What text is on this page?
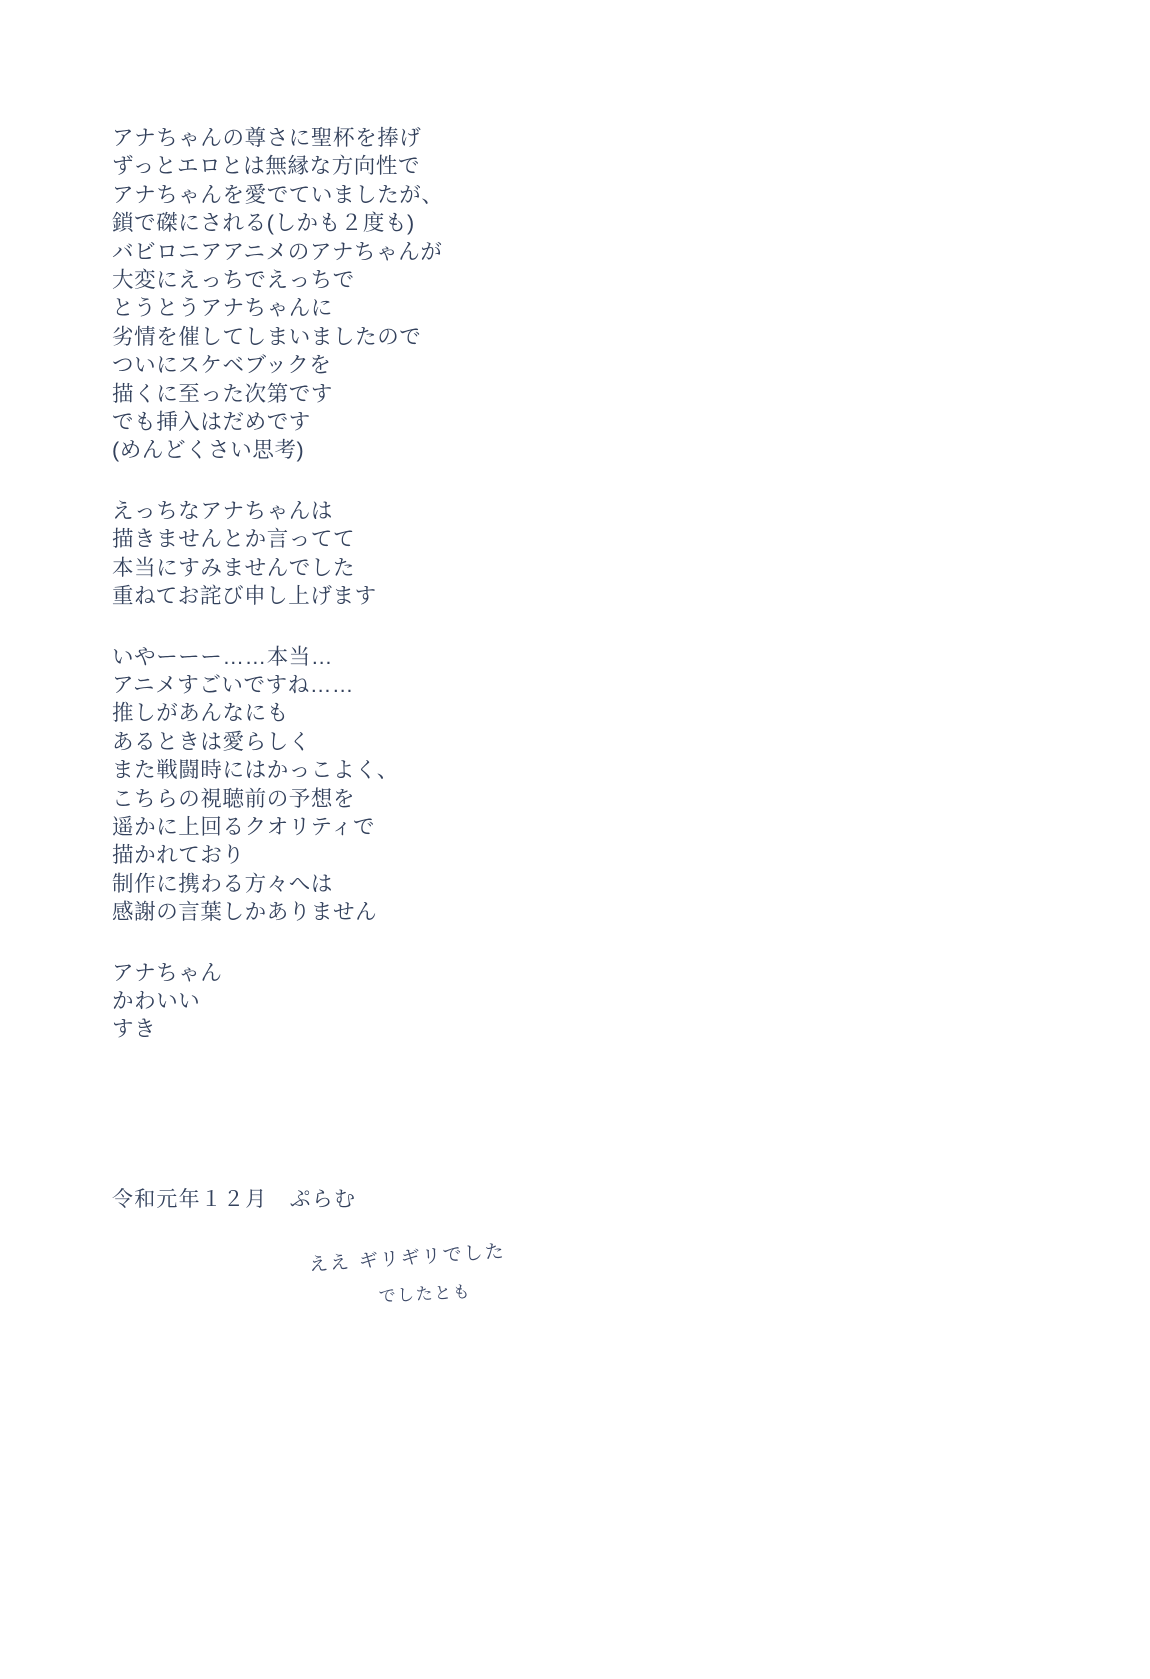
アナちゃんの尊さに聖杯を捧げ
ずっとエロとは無縁な方向性で
アナちゃんを愛でていましたが、
鎖で磔にされる(しかも２度も)
バビロニアアニメのアナちゃんが
大変にえっちでえっちで
とうとうアナちゃんに
劣情を催してしまいましたので
ついにスケベブックを
描くに至った次第です
でも挿入はだめです
(めんどくさい思考)
えっちなアナちゃんは
描きませんとか言ってて
本当にすみませんでした
重ねてお詫び申し上げます
いやーーー……本当…
アニメすごいですね……
推しがあんなにも
あるときは愛らしく
また戦闘時にはかっこよく、
こちらの視聴前の予想を
遥かに上回るクオリティで
描かれており
制作に携わる方々へは
感謝の言葉しかありません
アナちゃん
かわいい
すき
令和元年１２月　ぷらむ
ええ ギリギリでした
でしたとも
